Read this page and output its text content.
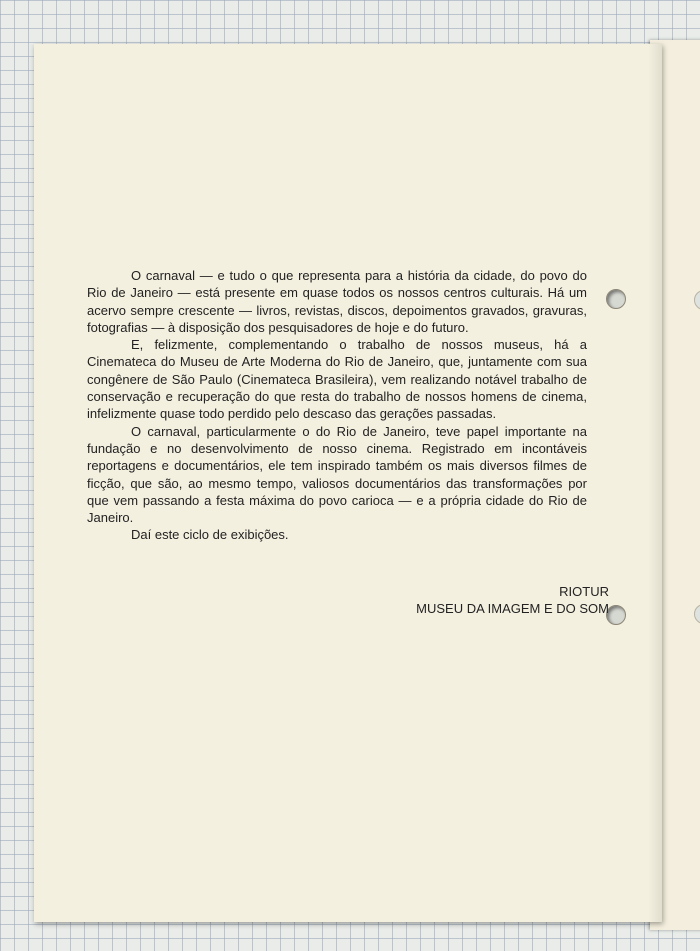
O carnaval — e tudo o que representa para a história da cidade, do povo do Rio de Janeiro — está presente em quase todos os nossos centros culturais. Há um acervo sempre crescente — livros, revistas, discos, depoimentos gravados, gravuras, fotografias — à disposição dos pesquisadores de hoje e do futuro.

E, felizmente, complementando o trabalho de nossos museus, há a Cinemateca do Museu de Arte Moderna do Rio de Janeiro, que, juntamente com sua congênere de São Paulo (Cinemateca Brasileira), vem realizando notável trabalho de conservação e recuperação do que resta do trabalho de nossos homens de cinema, infelizmente quase todo perdido pelo descaso das gerações passadas.

O carnaval, particularmente o do Rio de Janeiro, teve papel importante na fundação e no desenvolvimento de nosso cinema. Registrado em incontáveis reportagens e documentários, ele tem inspirado também os mais diversos filmes de ficção, que são, ao mesmo tempo, valiosos documentários das transformações por que vem passando a festa máxima do povo carioca — e a própria cidade do Rio de Janeiro.

Daí este ciclo de exibições.

RIOTUR
MUSEU DA IMAGEM E DO SOM
